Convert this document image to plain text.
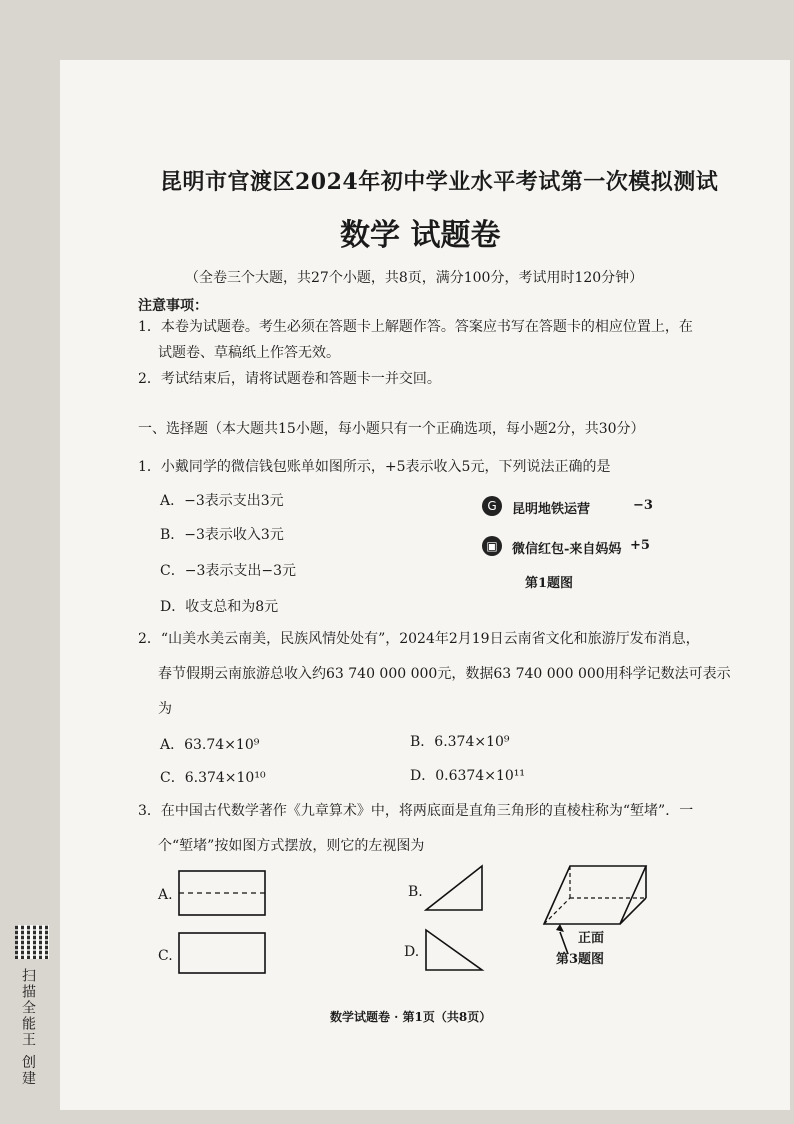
昆明市官渡区2024年初中学业水平考试第一次模拟测试
数学 试题卷
（全卷三个大题，共27个小题，共8页，满分100分，考试用时120分钟）
注意事项：
1．本卷为试题卷。考生必须在答题卡上解题作答。答案应书写在答题卡的相应位置上，在
试题卷、草稿纸上作答无效。
2．考试结束后，请将试题卷和答题卡一并交回。
一、选择题（本大题共15小题，每小题只有一个正确选项，每小题2分，共30分）
1．小戴同学的微信钱包账单如图所示，+5表示收入5元，下列说法正确的是
A．−3表示支出3元
B．−3表示收入3元
C．−3表示支出−3元
D．收支总和为8元
G	昆明地铁运营	−3
▣	微信红包-来自妈妈 +5
第1题图
2．“山美水美云南美，民族风情处处有”，2024年2月19日云南省文化和旅游厅发布消息，
春节假期云南旅游总收入约63 740 000 000元，数据63 740 000 000用科学记数法可表示
为
A．63.74×10⁹	B．6.374×10⁹
C．6.374×10¹⁰	D．0.6374×10¹¹
3．在中国古代数学著作《九章算术》中，将两底面是直角三角形的直棱柱称为“堑堵”．一
个“堑堵”按如图方式摆放，则它的左视图为
A.	B.
C.	D.
正面
第3题图
数学试题卷 · 第1页（共8页）
扫描全能王 创建
